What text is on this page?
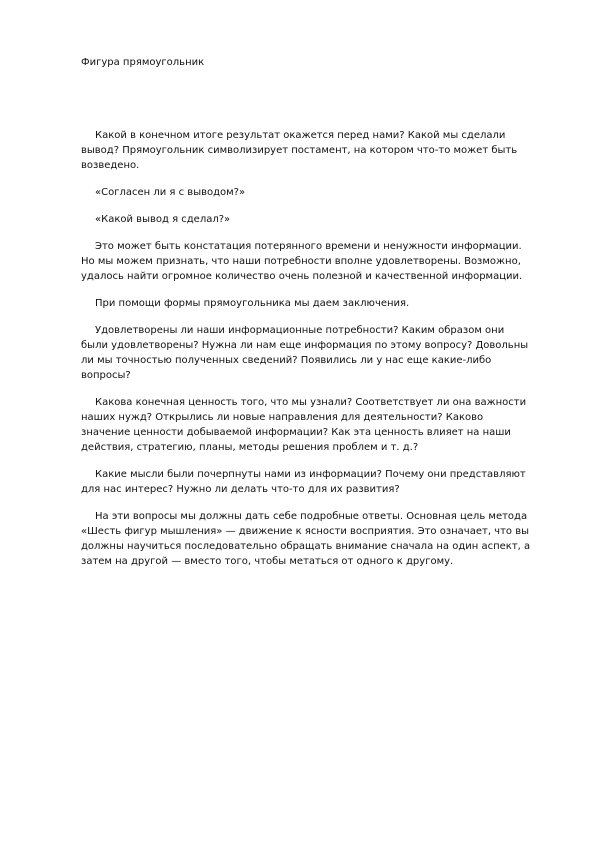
Фигура прямоугольник

Какой в конечном итоге результат окажется перед нами? Какой мы сделали вывод? Прямоугольник символизирует постамент, на котором что-то может быть возведено.

«Согласен ли я с выводом?»

«Какой вывод я сделал?»

Это может быть констатация потерянного времени и ненужности информации. Но мы можем признать, что наши потребности вполне удовлетворены. Возможно, удалось найти огромное количество очень полезной и качественной информации.

При помощи формы прямоугольника мы даем заключения.

Удовлетворены ли наши информационные потребности? Каким образом они были удовлетворены? Нужна ли нам еще информация по этому вопросу? Довольны ли мы точностью полученных сведений? Появились ли у нас еще какие-либо вопросы?

Какова конечная ценность того, что мы узнали? Соответствует ли она важности наших нужд? Открылись ли новые направления для деятельности? Каково значение ценности добываемой информации? Как эта ценность влияет на наши действия, стратегию, планы, методы решения проблем и т. д.?

Какие мысли были почерпнуты нами из информации? Почему они представляют для нас интерес? Нужно ли делать что-то для их развития?

На эти вопросы мы должны дать себе подробные ответы. Основная цель метода «Шесть фигур мышления» — движение к ясности восприятия. Это означает, что вы должны научиться последовательно обращать внимание сначала на один аспект, а затем на другой — вместо того, чтобы метаться от одного к другому.
